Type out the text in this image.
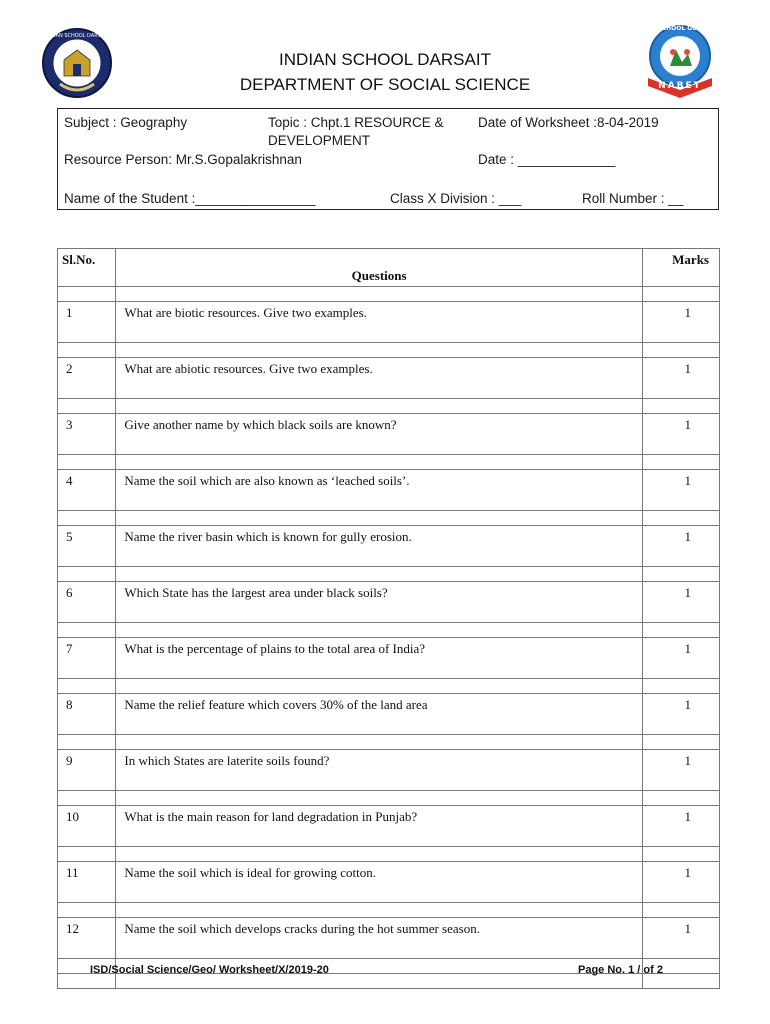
INDIAN SCHOOL DARSAIT
INDIAN SCHOOL DARSAIT
DEPARTMENT OF SOCIAL SCIENCE
QUALITY SCHOOL GOVERNANCE
NABET
Subject : Geography	Topic : Chpt.1 RESOURCE &
DEVELOPMENT
Date of Worksheet :8-04-2019
Resource Person: Mr.S.Gopalakrishnan	Date : _____________
Name of the Student :________________	Class X Division : ___	Roll Number : __
Sl.No.	Questions	Marks

1	What are biotic resources. Give two examples.	1

2	What are abiotic resources. Give two examples.	1

3	Give another name by which black soils are known?	1

4	Name the soil which are also known as ‘leached soils’.	1

5	Name the river basin which is known for gully erosion.	1

6	Which State has the largest area under black soils?	1

7	What is the percentage of plains to the total area of India?	1

8	Name the relief feature which covers 30% of the land area	1

9	In which States are laterite soils found?	1

10	What is the main reason for land degradation in Punjab?	1

11	Name the soil which is ideal for growing cotton.	1

12	Name the soil which develops cracks during the hot summer season.	1

ISD/Social Science/Geo/ Worksheet/X/2019-20	Page No. 1 / of 2
